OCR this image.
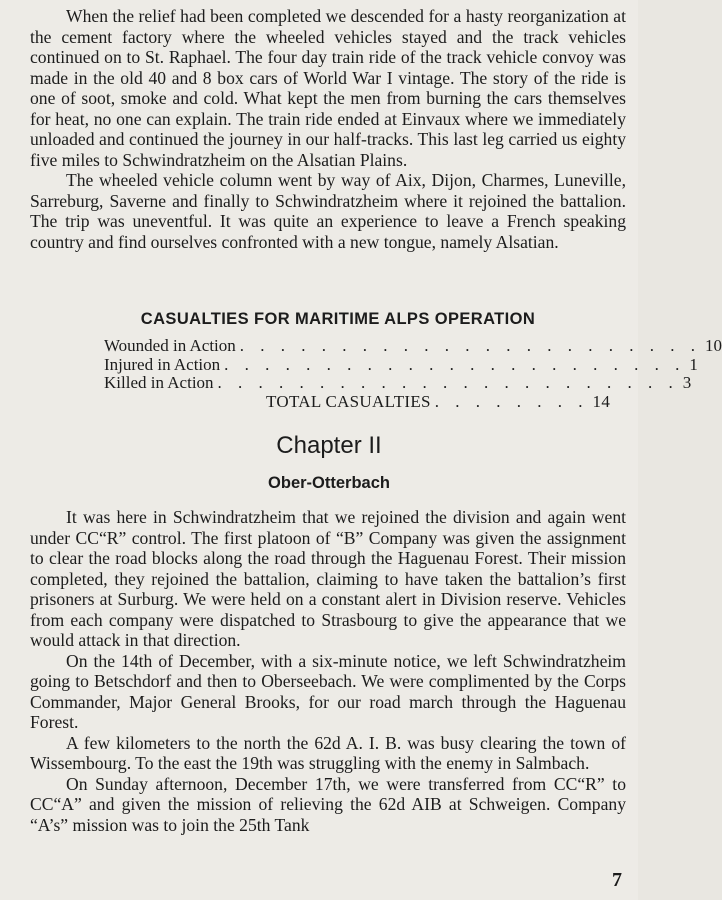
When the relief had been completed we descended for a hasty reorganization at the cement factory where the wheeled vehicles stayed and the track vehicles continued on to St. Raphael. The four day train ride of the track vehicle convoy was made in the old 40 and 8 box cars of World War I vintage. The story of the ride is one of soot, smoke and cold. What kept the men from burning the cars themselves for heat, no one can explain. The train ride ended at Einvaux where we immediately unloaded and continued the journey in our half-tracks. This last leg carried us eighty five miles to Schwindratzheim on the Alsatian Plains.

The wheeled vehicle column went by way of Aix, Dijon, Charmes, Luneville, Sarreburg, Saverne and finally to Schwindratzheim where it rejoined the battalion. The trip was uneventful. It was quite an experience to leave a French speaking country and find ourselves confronted with a new tongue, namely Alsatian.

CASUALTIES FOR MARITIME ALPS OPERATION
Wounded in Action . . . . . . . . . . . . . . . . . . . . . . . 10
Injured in Action . . . . . . . . . . . . . . . . . . . . . . . 1
Killed in Action . . . . . . . . . . . . . . . . . . . . . . . 3
TOTAL CASUALTIES . . . . . . . . 14
Chapter II
Ober-Otterbach

It was here in Schwindratzheim that we rejoined the division and again went under CC“R” control. The first platoon of “B” Company was given the assignment to clear the road blocks along the road through the Haguenau Forest. Their mission completed, they rejoined the battalion, claiming to have taken the battalion’s first prisoners at Surburg. We were held on a constant alert in Division reserve. Vehicles from each company were dispatched to Strasbourg to give the appearance that we would attack in that direction.

On the 14th of December, with a six-minute notice, we left Schwindratzheim going to Betschdorf and then to Oberseebach. We were complimented by the Corps Commander, Major General Brooks, for our road march through the Haguenau Forest.

A few kilometers to the north the 62d A. I. B. was busy clearing the town of Wissembourg. To the east the 19th was struggling with the enemy in Salmbach.

On Sunday afternoon, December 17th, we were transferred from CC“R” to CC“A” and given the mission of relieving the 62d AIB at Schweigen. Company “A’s” mission was to join the 25th Tank

7
